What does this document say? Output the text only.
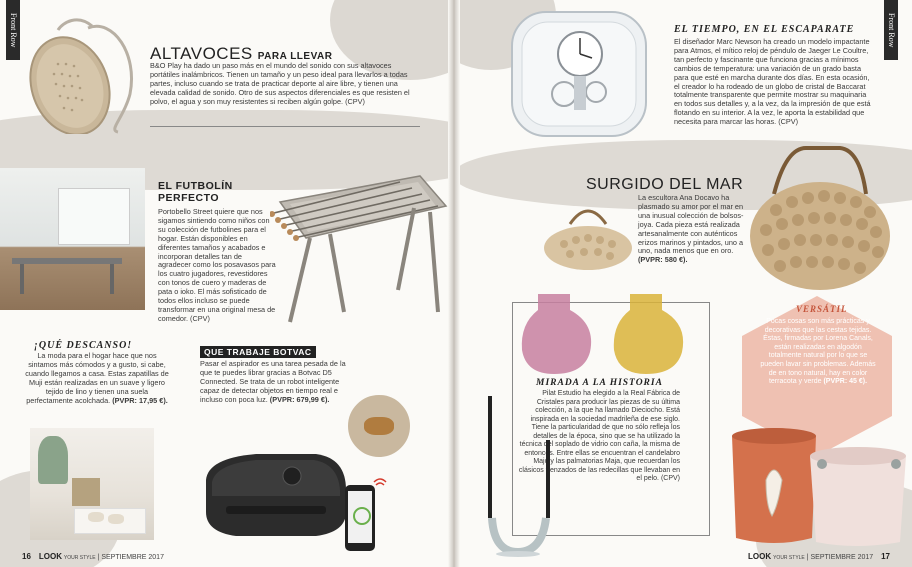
Front Row
ALTAVOCES PARA LLEVAR
B&O Play ha dado un paso más en el mundo del sonido con sus altavoces portátiles inalámbricos. Tienen un tamaño y un peso ideal para llevarlos a todas partes, incluso cuando se trata de practicar deporte al aire libre, y tienen una elevada calidad de sonido. Otro de sus aspectos diferenciales es que resisten el polvo, el agua y son muy resistentes si reciben algún golpe. (CPV)
EL FUTBOLÍN
PERFECTO
Portobello Street quiere que nos sigamos sintiendo como niños con su colección de futbolines para el hogar. Están disponibles en diferentes tamaños y acabados e incorporan detalles tan de agradecer como los posavasos para los cuatro jugadores, revestidores con tonos de cuero y maderas de pata o ioko. El más sofisticado de todos ellos incluso se puede transformar en una original mesa de comedor. (CPV)
¡QUÉ DESCANSO!
La moda para el hogar hace que nos sintamos más cómodos y a gusto, si cabe, cuando llegamos a casa. Estas zapatillas de Muji están realizadas en un suave y ligero tejido de lino y tienen una suela perfectamente acolchada. (PVPR: 17,95 €).
QUE TRABAJE BOTVAC
Pasar el aspirador es una tarea pesada de la que te puedes librar gracias a Botvac D5 Connected. Se trata de un robot inteligente capaz de detectar objetos en tiempo real e incluso con poca luz. (PVPR: 679,99 €).
16 LOOK YOUR STYLE | SEPTIEMBRE 2017
Front Row
EL TIEMPO, EN EL ESCAPARATE
El diseñador Marc Newson ha creado un modelo impactante para Atmos, el mítico reloj de péndulo de Jaeger Le Coultre, tan perfecto y fascinante que funciona gracias a mínimos cambios de temperatura: una variación de un grado basta para que esté en marcha durante dos días. En esta ocasión, el creador lo ha rodeado de un globo de cristal de Baccarat totalmente transparente que permite mostrar su maquinaria en todos sus detalles y, a la vez, da la impresión de que está flotando en su interior. A la vez, le aporta la estabilidad que necesita para marcar las horas. (CPV)
SURGIDO DEL MAR
La escultora Ana Docavo ha plasmado su amor por el mar en una inusual colección de bolsos-joya. Cada pieza está realizada artesanalmente con auténticos erizos marinos y pintados, uno a uno, nada menos que en oro. (PVPR: 580 €).
MIRADA A LA HISTORIA
Pilat Estudio ha elegido a la Real Fábrica de Cristales para producir las piezas de su última colección, a la que ha llamado Dieciocho. Está inspirada en la sociedad madrileña de ese siglo. Tiene la particularidad de que no sólo refleja los detalles de la época, sino que se ha utilizado la técnica del soplado de vidrio con caña, la misma de entonces. Entre ellas se encuentran el candelabro Majo y las palmatorias Maja, que recuerdan los clásicos trenzados de las redecillas que llevaban en el pelo. (CPV)
VERSÁTIL
Pocas cosas son más prácticas y decorativas que las cestas tejidas. Éstas, firmadas por Lorena Canals, están realizadas en algodón totalmente natural por lo que se pueden lavar sin problemas. Además de en tono natural, hay en color terracota y verde (PVPR: 45 €).
LOOK YOUR STYLE | SEPTIEMBRE 2017 17
